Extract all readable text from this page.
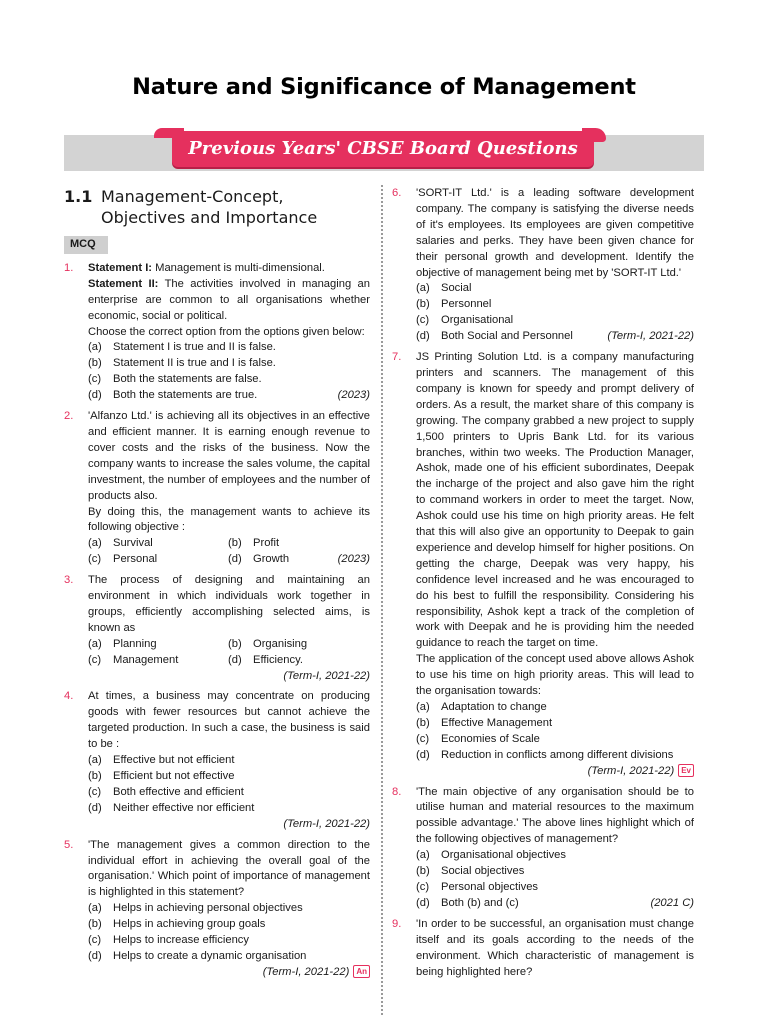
Nature and Significance of Management
Previous Years' CBSE Board Questions
1.1 Management-Concept, Objectives and Importance
MCQ
1.	Statement I: Management is multi-dimensional.

Statement II: The activities involved in managing an enterprise are common to all organisations whether economic, social or political.

Choose the correct option from the options given below:

(a)	Statement I is true and II is false.
(b)	Statement II is true and I is false.
(c)	Both the statements are false.
(d)	Both the statements are true.	(2023)
2.	'Alfanzo Ltd.' is achieving all its objectives in an effective and efficient manner. It is earning enough revenue to cover costs and the risks of the business. Now the company wants to increase the sales volume, the capital investment, the number of employees and the number of products also.

By doing this, the management wants to achieve its following objective :

(a)	Survival	(b)	Profit
(c)	Personal	(d)	Growth	(2023)
3.	The process of designing and maintaining an environment in which individuals work together in groups, efficiently accomplishing selected aims, is known as

(a)	Planning	(b)	Organising
(c)	Management	(d)	Efficiency.
(Term-I, 2021-22)
4.	At times, a business may concentrate on producing goods with fewer resources but cannot achieve the targeted production. In such a case, the business is said to be :

(a)	Effective but not efficient
(b)	Efficient but not effective
(c)	Both effective and efficient
(d)	Neither effective nor efficient
(Term-I, 2021-22)
5.	'The management gives a common direction to the individual effort in achieving the overall goal of the organisation.' Which point of importance of management is highlighted in this statement?

(a)	Helps in achieving personal objectives
(b)	Helps in achieving group goals
(c)	Helps to increase efficiency
(d)	Helps to create a dynamic organisation
(Term-I, 2021-22) An
6.	'SORT-IT Ltd.' is a leading software development company. The company is satisfying the diverse needs of it's employees. Its employees are given competitive salaries and perks. They have been given chance for their personal growth and development. Identify the objective of management being met by 'SORT-IT Ltd.'

(a)	Social
(b)	Personnel
(c)	Organisational
(d)	Both Social and Personnel	(Term-I, 2021-22)
7.	JS Printing Solution Ltd. is a company manufacturing printers and scanners. The management of this company is known for speedy and prompt delivery of orders. As a result, the market share of this company is growing. The company grabbed a new project to supply 1,500 printers to Upris Bank Ltd. for its various branches, within two weeks. The Production Manager, Ashok, made one of his efficient subordinates, Deepak the incharge of the project and also gave him the right to command workers in order to meet the target. Now, Ashok could use his time on high priority areas. He felt that this will also give an opportunity to Deepak to gain experience and develop himself for higher positions. On getting the charge, Deepak was very happy, his confidence level increased and he was encouraged to do his best to fulfill the responsibility. Considering his responsibility, Ashok kept a track of the completion of work with Deepak and he is providing him the needed guidance to reach the target on time.

The application of the concept used above allows Ashok to use his time on high priority areas. This will lead to the organisation towards:

(a)	Adaptation to change
(b)	Effective Management
(c)	Economies of Scale
(d)	Reduction in conflicts among different divisions
(Term-I, 2021-22) Ev
8.	'The main objective of any organisation should be to utilise human and material resources to the maximum possible advantage.' The above lines highlight which of the following objectives of management?

(a)	Organisational objectives
(b)	Social objectives
(c)	Personal objectives
(d)	Both (b) and (c)	(2021 C)
9.	'In order to be successful, an organisation must change itself and its goals according to the needs of the environment. Which characteristic of management is being highlighted here?
